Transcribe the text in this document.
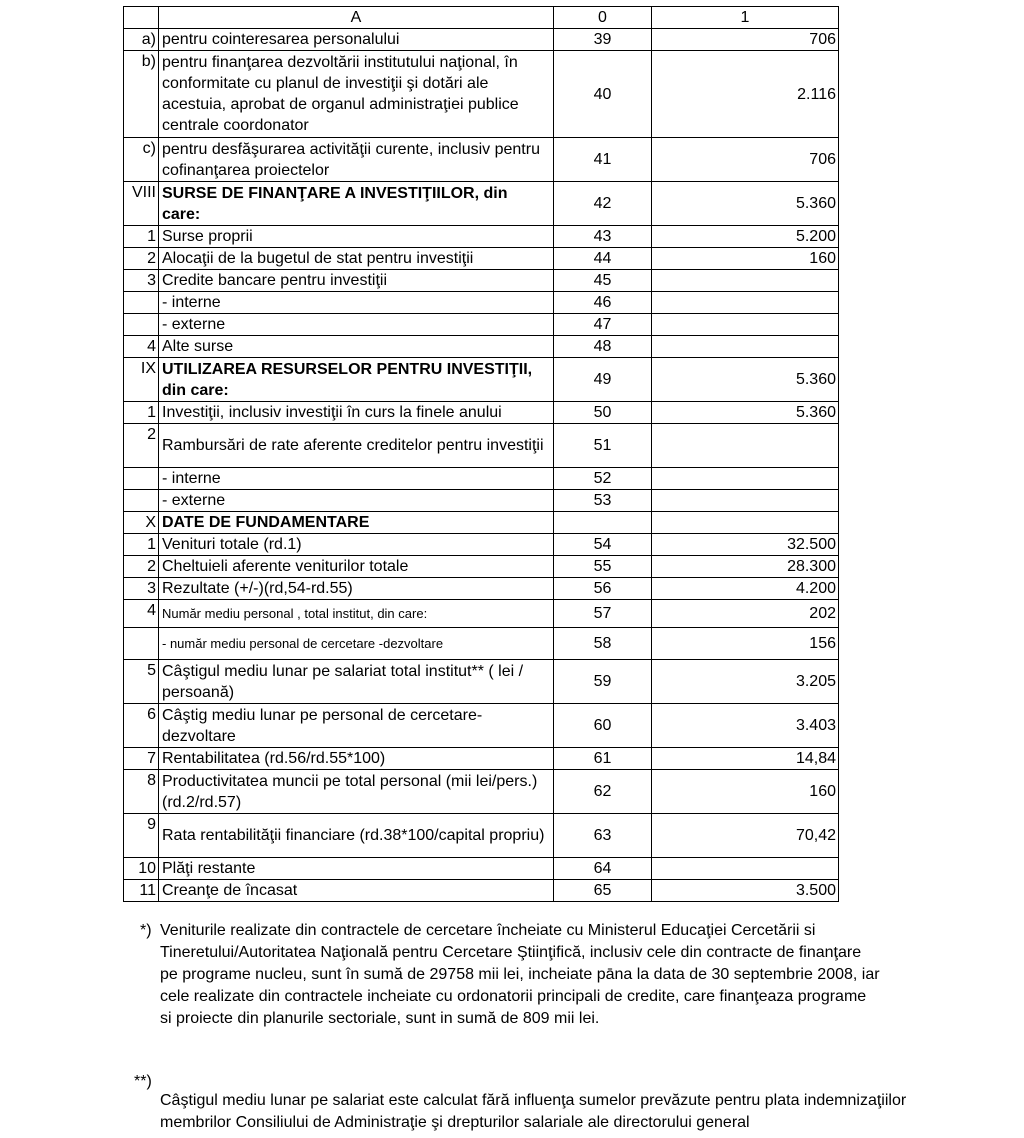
	A	0	1
a)	pentru cointeresarea personalului	39	706
b)	pentru finanţarea dezvoltării institutului naţional, în conformitate cu planul de investiţii şi dotări ale acestuia, aprobat de organul administraţiei publice centrale coordonator	40	2.116
c)	pentru desfăşurarea activităţii curente, inclusiv pentru cofinanţarea proiectelor	41	706
VIII	SURSE DE FINANŢARE A INVESTIŢIILOR, din care:	42	5.360
1	Surse proprii	43	5.200
2	Alocaţii de la bugetul de stat pentru investiţii	44	160
3	Credite bancare pentru investiţii	45	
	- interne	46	
	- externe	47	
4	Alte surse	48	
IX	UTILIZAREA RESURSELOR PENTRU INVESTIŢII, din care:	49	5.360
1	Investiţii, inclusiv investiţii în curs la finele anului	50	5.360
2	Rambursări de rate aferente creditelor pentru investiţii	51	
	- interne	52	
	- externe	53	
X	DATE DE FUNDAMENTARE		
1	Venituri totale (rd.1)	54	32.500
2	Cheltuieli aferente veniturilor totale	55	28.300
3	Rezultate (+/-)(rd,54-rd.55)	56	4.200
4	Număr mediu personal , total institut, din care:	57	202
	- număr mediu personal de cercetare -dezvoltare	58	156
5	Câştigul mediu lunar pe salariat total institut** ( lei / persoană)	59	3.205
6	Câştig mediu lunar pe personal de cercetare-dezvoltare	60	3.403
7	Rentabilitatea (rd.56/rd.55*100)	61	14,84
8	Productivitatea muncii pe total personal (mii lei/pers.) (rd.2/rd.57)	62	160
9	Rata rentabilităţii financiare (rd.38*100/capital propriu)	63	70,42
10	Plăţi restante	64	
11	Creanţe de încasat	65	3.500
*) Veniturile realizate din contractele de cercetare încheiate cu Ministerul Educaţiei Cercetării si Tineretului/Autoritatea Naţională pentru Cercetare Ştiinţifică, inclusiv cele din contracte de finanţare pe programe nucleu, sunt în sumă de 29758 mii lei, incheiate pāna la data de 30 septembrie 2008, iar cele realizate din contractele incheiate cu ordonatorii principali de credite, care finanţeaza programe si proiecte din planurile sectoriale, sunt in sumă de 809 mii lei.
**)
Câştigul mediu lunar pe salariat este calculat fără influenţa sumelor prevăzute pentru plata indemnizaţiilor membrilor Consiliului de Administraţie şi drepturilor salariale ale directorului general
